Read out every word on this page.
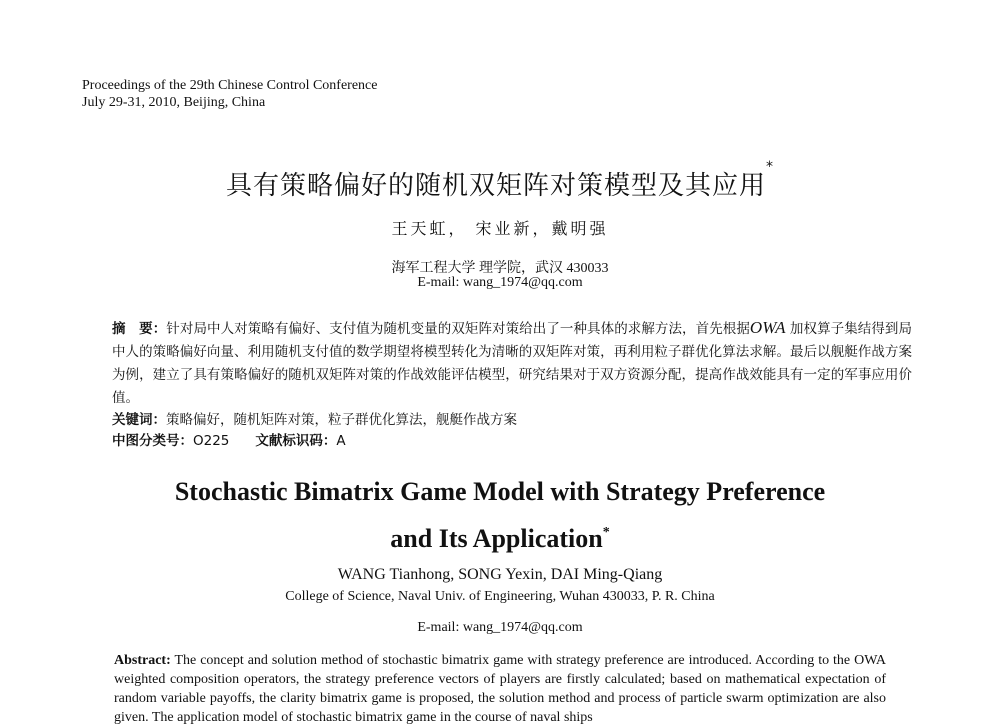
Proceedings of the 29th Chinese Control Conference
July 29-31, 2010, Beijing, China
具有策略偏好的随机双矩阵对策模型及其应用*
王天虹， 宋业新，戴明强
海军工程大学 理学院，武汉 430033
E-mail: wang_1974@qq.com
摘　要：针对局中人对策略有偏好、支付值为随机变量的双矩阵对策给出了一种具体的求解方法，首先根据OWA 加权算子集结得到局中人的策略偏好向量、利用随机支付值的数学期望将模型转化为清晰的双矩阵对策，再利用粒子群优化算法求解。最后以舰艇作战方案为例，建立了具有策略偏好的随机双矩阵对策的作战效能评估模型，研究结果对于双方资源分配，提高作战效能具有一定的军事应用价值。
关键词：策略偏好，随机矩阵对策，粒子群优化算法，舰艇作战方案
中图分类号：O225 文献标识码：A
Stochastic Bimatrix Game Model with Strategy Preference
and Its Application*
WANG Tianhong, SONG Yexin, DAI Ming-Qiang
College of Science, Naval Univ. of Engineering, Wuhan 430033, P. R. China
E-mail: wang_1974@qq.com
Abstract: The concept and solution method of stochastic bimatrix game with strategy preference are introduced. According to the OWA weighted composition operators, the strategy preference vectors of players are firstly calculated; based on mathematical expectation of random variable payoffs, the clarity bimatrix game is proposed, the solution method and process of particle swarm optimization are also given. The application model of stochastic bimatrix game in the course of naval ships
